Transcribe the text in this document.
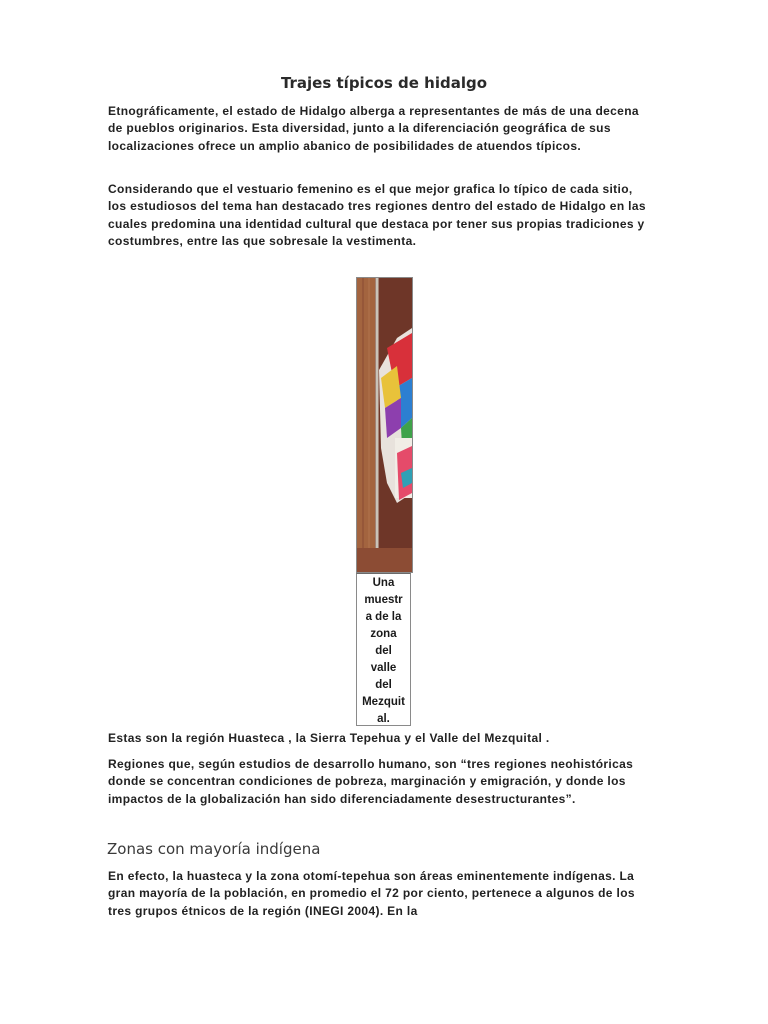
Trajes típicos de hidalgo

Etnográficamente, el estado de Hidalgo alberga a representantes de más de una decena de pueblos originarios. Esta diversidad, junto a la diferenciación geográfica de sus localizaciones ofrece un amplio abanico de posibilidades de atuendos típicos.

Considerando que el vestuario femenino es el que mejor grafica lo típico de cada sitio, los estudiosos del tema han destacado tres regiones dentro del estado de Hidalgo en las cuales predomina una identidad cultural que destaca por tener sus propias tradiciones y costumbres, entre las que sobresale la vestimenta.

Una
muestr
a de la
zona
del
valle
del
Mezquit
al.

Estas son la región Huasteca , la Sierra Tepehua y el Valle del Mezquital .

Regiones que, según estudios de desarrollo humano, son “tres regiones neohistóricas donde se concentran condiciones de pobreza, marginación y emigración, y donde los impactos de la globalización han sido diferenciadamente desestructurantes”.

Zonas con mayoría indígena

En efecto, la huasteca y la zona otomí-tepehua son áreas eminentemente indígenas. La gran mayoría de la población, en promedio el 72 por ciento, pertenece a algunos de los tres grupos étnicos de la región (INEGI 2004). En la
